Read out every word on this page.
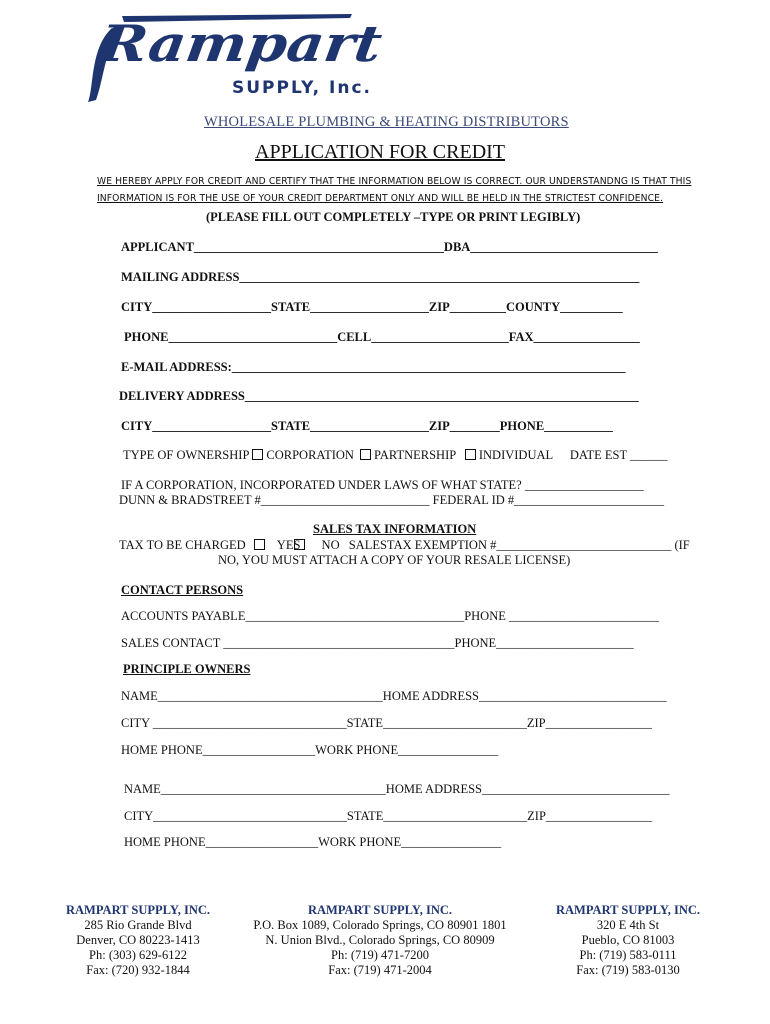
Rampart
SUPPLY, Inc.
WHOLESALE PLUMBING & HEATING DISTRIBUTORS
APPLICATION FOR CREDIT
WE HEREBY APPLY FOR CREDIT AND CERTIFY THAT THE INFORMATION BELOW IS CORRECT. OUR UNDERSTANDNG IS THAT THIS
INFORMATION IS FOR THE USE OF YOUR CREDIT DEPARTMENT ONLY AND WILL BE HELD IN THE STRICTEST CONFIDENCE.
(PLEASE FILL OUT COMPLETELY –TYPE OR PRINT LEGIBLY)
APPLICANT________________________________________DBA______________________________
MAILING ADDRESS________________________________________________________________
CITY___________________STATE___________________ZIP_________COUNTY__________
PHONE___________________________CELL______________________FAX_________________
E-MAIL ADDRESS:_______________________________________________________________
DELIVERY ADDRESS_______________________________________________________________
CITY___________________STATE___________________ZIP________PHONE___________
TYPE OF OWNERSHIP CORPORATION PARTNERSHIP INDIVIDUAL DATE EST ______
IF A CORPORATION, INCORPORATED UNDER LAWS OF WHAT STATE? ___________________
DUNN & BRADSTREET #___________________________ FEDERAL ID #________________________
SALES TAX INFORMATION
TAX TO BE CHARGED YES NO SALESTAX EXEMPTION #____________________________ (IF
NO, YOU MUST ATTACH A COPY OF YOUR RESALE LICENSE)
CONTACT PERSONS
ACCOUNTS PAYABLE___________________________________PHONE ________________________
SALES CONTACT _____________________________________PHONE______________________
PRINCIPLE OWNERS
NAME____________________________________HOME ADDRESS______________________________
CITY _______________________________STATE_______________________ZIP_________________
HOME PHONE__________________WORK PHONE________________
NAME____________________________________HOME ADDRESS______________________________
CITY_______________________________STATE_______________________ZIP_________________
HOME PHONE__________________WORK PHONE________________
RAMPART SUPPLY, INC.
285 Rio Grande Blvd
Denver, CO 80223-1413
Ph: (303) 629-6122
Fax: (720) 932-1844
RAMPART SUPPLY, INC.
P.O. Box 1089, Colorado Springs, CO 80901 1801
N. Union Blvd., Colorado Springs, CO 80909
Ph: (719) 471-7200
Fax: (719) 471-2004
RAMPART SUPPLY, INC.
320 E 4th St
Pueblo, CO 81003
Ph: (719) 583-0111
Fax: (719) 583-0130
